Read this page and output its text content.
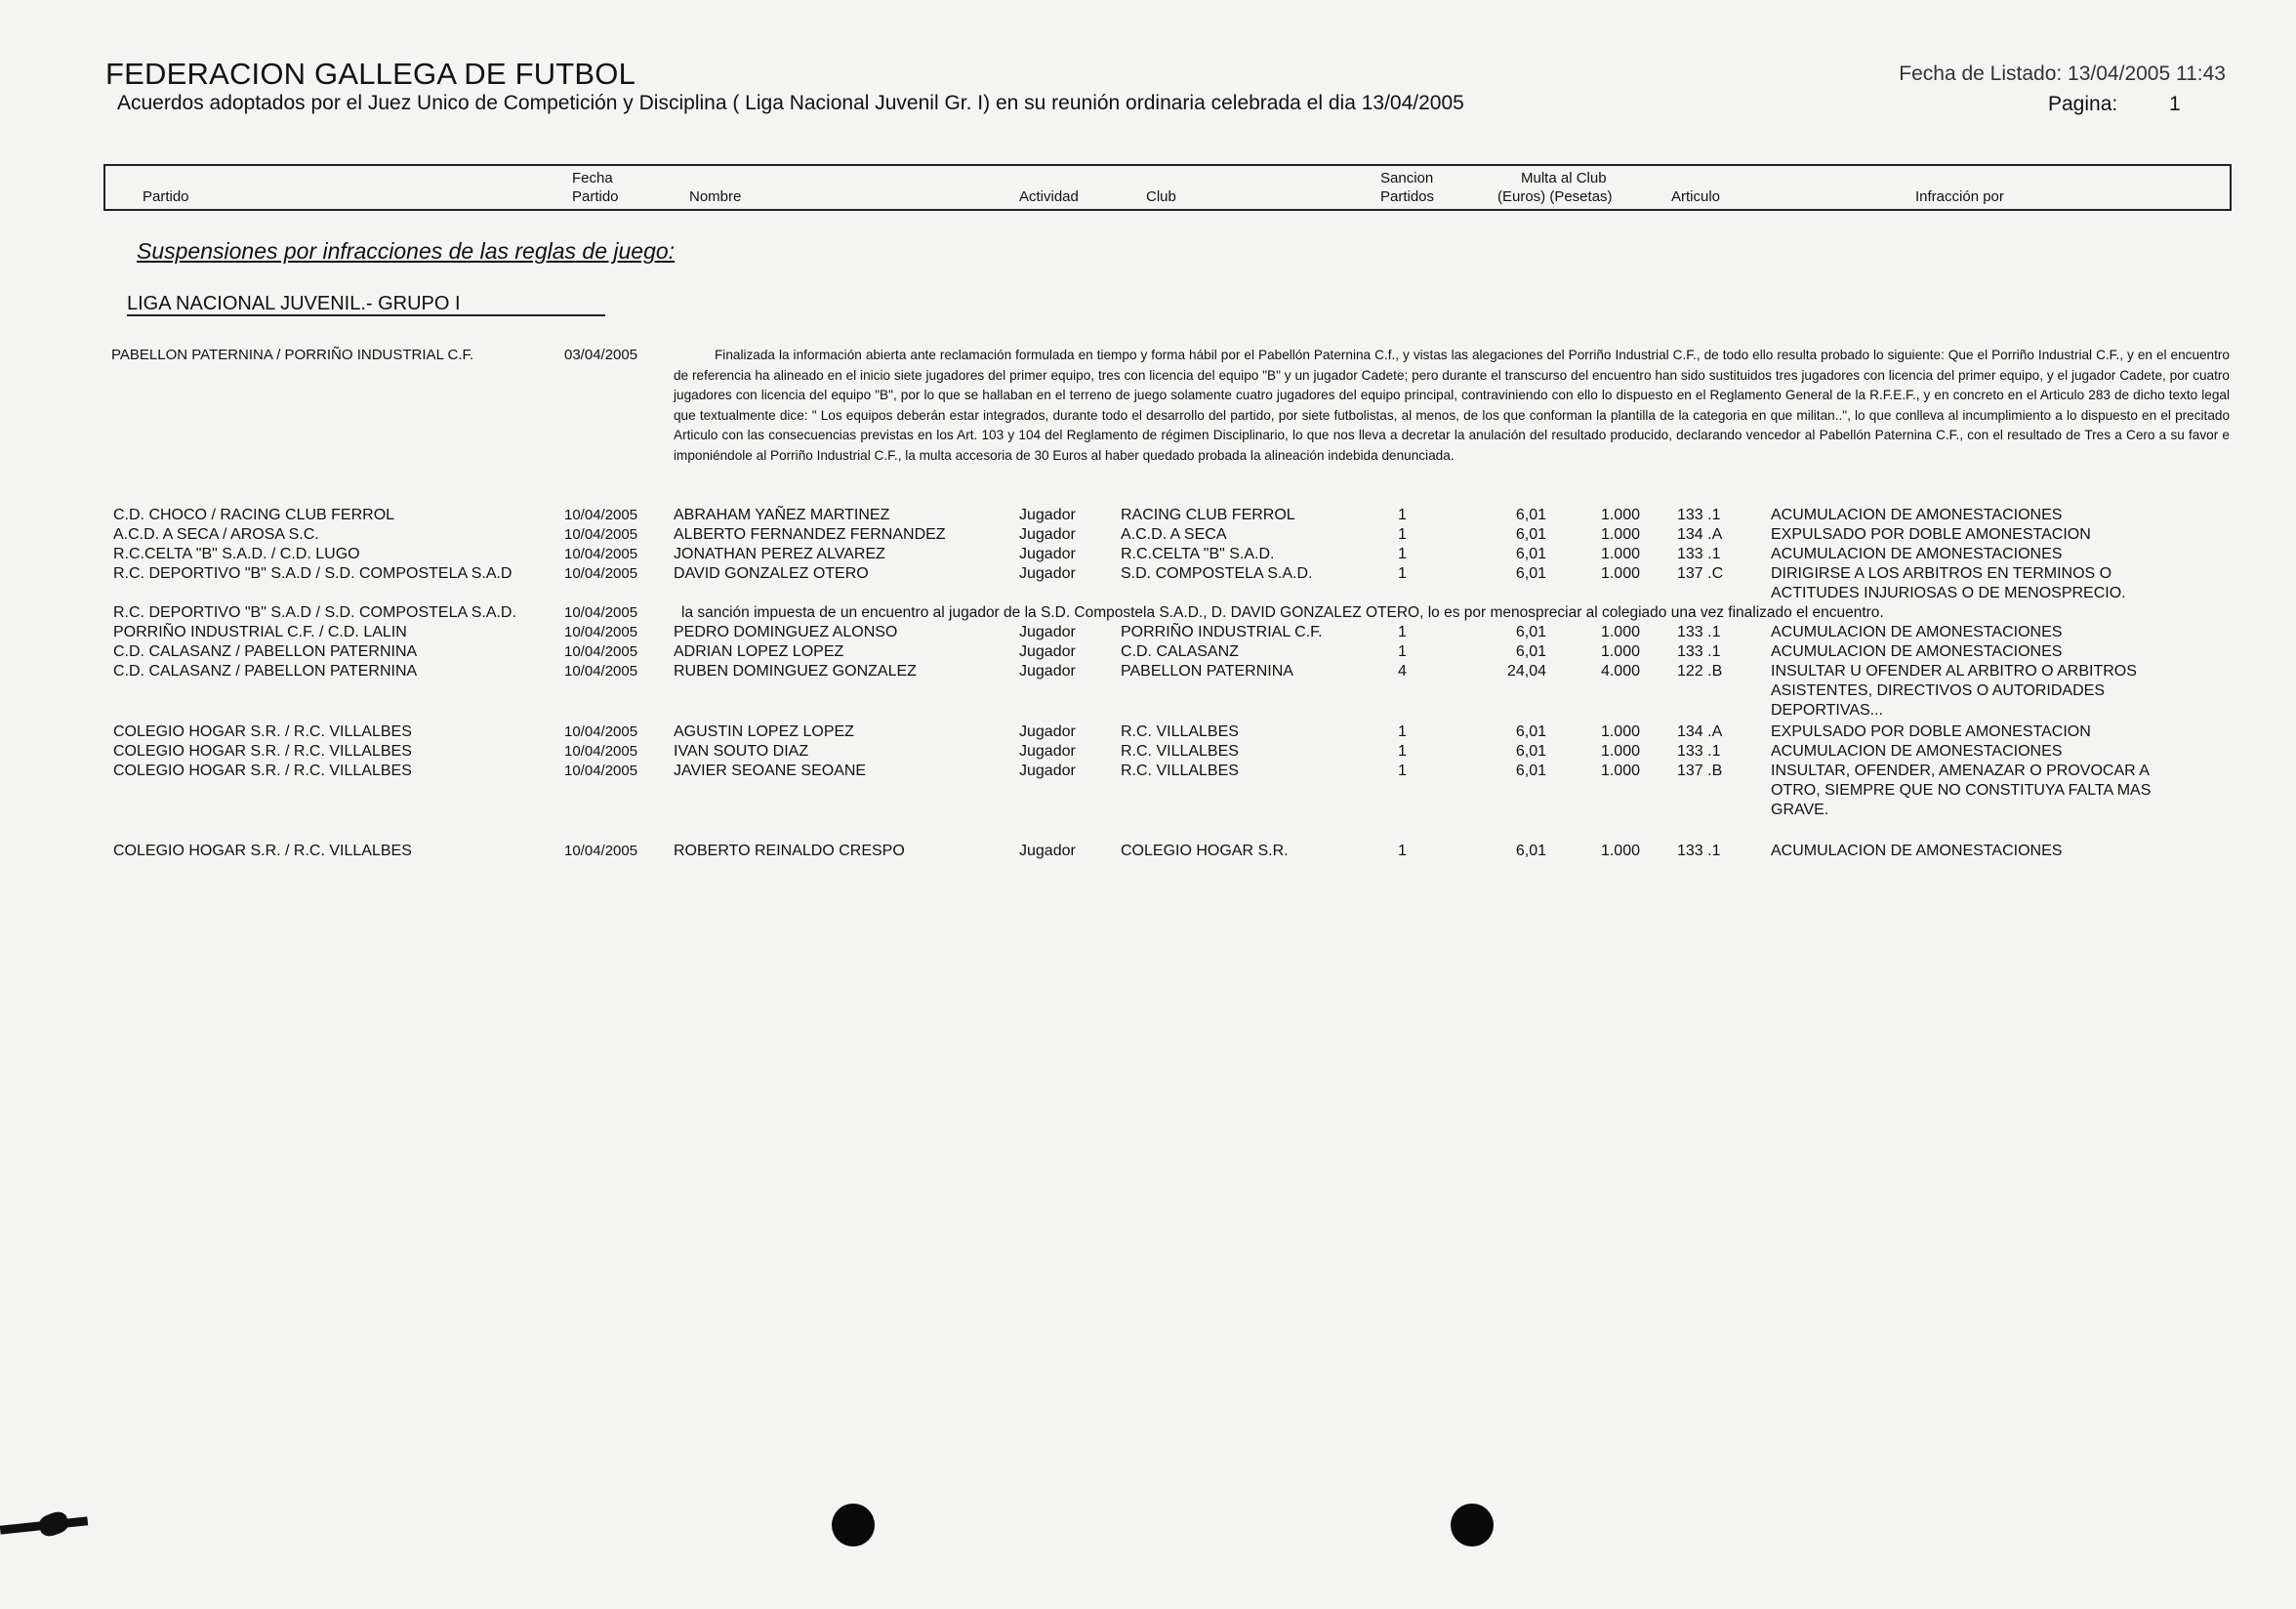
FEDERACION GALLEGA DE FUTBOL
Acuerdos adoptados por el Juez Unico de Competición y Disciplina ( Liga Nacional Juvenil Gr. I) en su reunión ordinaria celebrada el dia 13/04/2005
Fecha de Listado: 13/04/2005 11:43
Pagina:	1
Partido
Fecha
Partido	Nombre	Actividad	Club
Sancion
Partidos
Multa al Club
(Euros) (Pesetas)	Articulo	Infracción por
Suspensiones por infracciones de las reglas de juego:
LIGA NACIONAL JUVENIL.- GRUPO I
PABELLON PATERNINA / PORRIÑO INDUSTRIAL C.F.	03/04/2005	Finalizada la información abierta ante reclamación formulada en tiempo y forma hábil por el Pabellón Paternina C.f., y vistas las alegaciones del Porriño Industrial C.F., de todo ello resulta probado lo siguiente: Que el Porriño Industrial C.F., y en el encuentro de referencia ha alineado en el inicio siete jugadores del primer equipo, tres con licencia del equipo "B" y un jugador Cadete; pero durante el transcurso del encuentro han sido sustituidos tres jugadores con licencia del primer equipo, y el jugador Cadete, por cuatro jugadores con licencia del equipo "B", por lo que se hallaban en el terreno de juego solamente cuatro jugadores del equipo principal, contraviniendo con ello lo dispuesto en el Reglamento General de la R.F.E.F., y en concreto en el Articulo 283 de dicho texto legal que textualmente dice: " Los equipos deberán estar integrados, durante todo el desarrollo del partido, por siete futbolistas, al menos, de los que conforman la plantilla de la categoria en que militan..", lo que conlleva al incumplimiento a lo dispuesto en el precitado Articulo con las consecuencias previstas en los Art. 103 y 104 del Reglamento de régimen Disciplinario, lo que nos lleva a decretar la anulación del resultado producido, declarando vencedor al Pabellón Paternina C.F., con el resultado de Tres a Cero a su favor e imponiéndole al Porriño Industrial C.F., la multa accesoria de 30 Euros al haber quedado probada la alineación indebida denunciada.
C.D. CHOCO / RACING CLUB FERROL	10/04/2005 ABRAHAM YAÑEZ MARTINEZ	Jugador	RACING CLUB FERROL	1	6,01	1.000 133 .1	ACUMULACION DE AMONESTACIONES
A.C.D. A SECA / AROSA S.C.	10/04/2005 ALBERTO FERNANDEZ FERNANDEZ	Jugador	A.C.D. A SECA	1	6,01	1.000 134 .A	EXPULSADO POR DOBLE AMONESTACION
R.C.CELTA "B" S.A.D. / C.D. LUGO	10/04/2005 JONATHAN PEREZ ALVAREZ	Jugador	R.C.CELTA "B" S.A.D.	1	6,01	1.000 133 .1	ACUMULACION DE AMONESTACIONES
R.C. DEPORTIVO "B" S.A.D / S.D. COMPOSTELA S.A.D	10/04/2005 DAVID GONZALEZ OTERO	Jugador	S.D. COMPOSTELA S.A.D.	1	6,01	1.000 137 .C	DIRIGIRSE A LOS ARBITROS EN TERMINOS O
ACTITUDES INJURIOSAS O DE MENOSPRECIO.
R.C. DEPORTIVO "B" S.A.D / S.D. COMPOSTELA S.A.D.	10/04/2005	la sanción impuesta de un encuentro al jugador de la S.D. Compostela S.A.D., D. DAVID GONZALEZ OTERO, lo es por menospreciar al colegiado una vez finalizado el encuentro.
PORRIÑO INDUSTRIAL C.F. / C.D. LALIN	10/04/2005 PEDRO DOMINGUEZ ALONSO	Jugador	PORRIÑO INDUSTRIAL C.F.	1	6,01	1.000 133 .1	ACUMULACION DE AMONESTACIONES
C.D. CALASANZ / PABELLON PATERNINA	10/04/2005 ADRIAN LOPEZ LOPEZ	Jugador	C.D. CALASANZ	1	6,01	1.000 133 .1	ACUMULACION DE AMONESTACIONES
C.D. CALASANZ / PABELLON PATERNINA	10/04/2005 RUBEN DOMINGUEZ GONZALEZ	Jugador	PABELLON PATERNINA	4	24,04	4.000 122 .B	INSULTAR U OFENDER AL ARBITRO O ARBITROS
ASISTENTES, DIRECTIVOS O AUTORIDADES
DEPORTIVAS...
COLEGIO HOGAR S.R. / R.C. VILLALBES	10/04/2005 AGUSTIN LOPEZ LOPEZ	Jugador	R.C. VILLALBES	1	6,01	1.000 134 .A	EXPULSADO POR DOBLE AMONESTACION
COLEGIO HOGAR S.R. / R.C. VILLALBES	10/04/2005 IVAN SOUTO DIAZ	Jugador	R.C. VILLALBES	1	6,01	1.000 133 .1	ACUMULACION DE AMONESTACIONES
COLEGIO HOGAR S.R. / R.C. VILLALBES	10/04/2005 JAVIER SEOANE SEOANE	Jugador	R.C. VILLALBES	1	6,01	1.000 137 .B	INSULTAR, OFENDER, AMENAZAR O PROVOCAR A
OTRO, SIEMPRE QUE NO CONSTITUYA FALTA MAS
GRAVE.
COLEGIO HOGAR S.R. / R.C. VILLALBES	10/04/2005 ROBERTO REINALDO CRESPO	Jugador	COLEGIO HOGAR S.R.	1	6,01	1.000 133 .1	ACUMULACION DE AMONESTACIONES
